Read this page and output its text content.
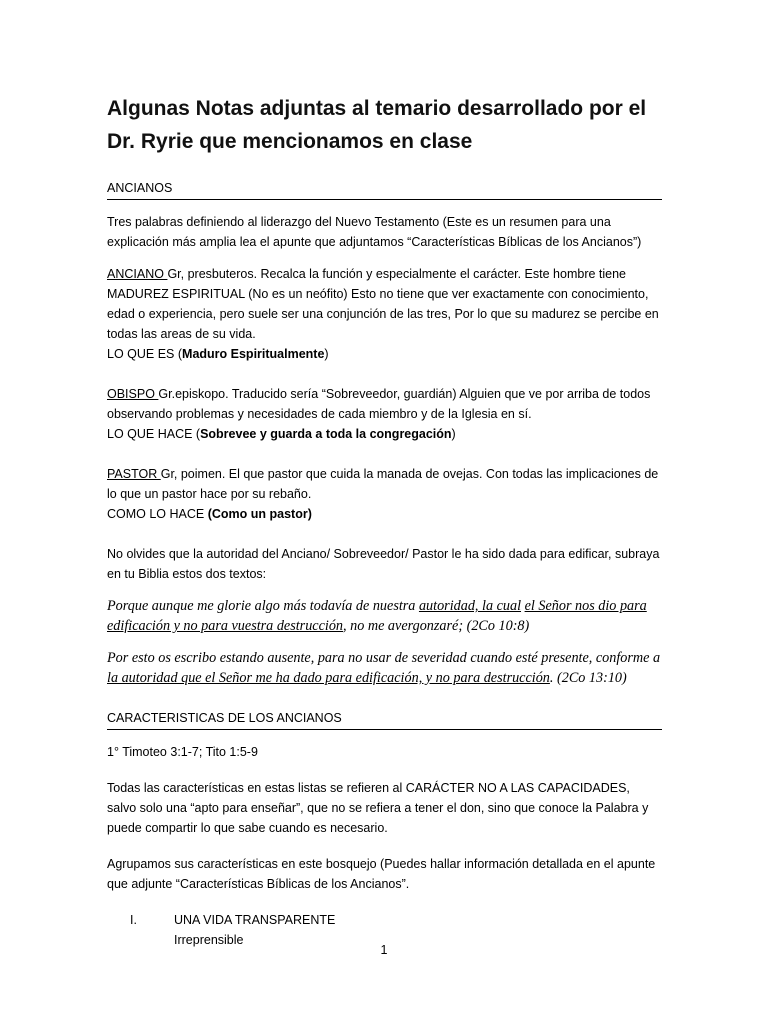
Algunas Notas adjuntas al temario desarrollado por el Dr. Ryrie que mencionamos en clase
ANCIANOS

Tres palabras definiendo al liderazgo del Nuevo Testamento (Este es un resumen para una explicación más amplia lea el apunte que adjuntamos “Características Bíblicas de los Ancianos”)

ANCIANO Gr, presbuteros. Recalca la función y especialmente el carácter. Este hombre tiene MADUREZ ESPIRITUAL (No es un neófito) Esto no tiene que ver exactamente con conocimiento, edad o experiencia, pero suele ser una conjunción de las tres, Por lo que su madurez se percibe en todas las areas de su vida.
LO QUE ES (Maduro Espiritualmente)

OBISPO Gr.episkopo. Traducido sería “Sobreveedor, guardián) Alguien que ve por arriba de todos observando problemas y necesidades de cada miembro y de la Iglesia en sí.
LO QUE HACE (Sobrevee y guarda a toda la congregación)

PASTOR Gr, poimen. El que pastor que cuida la manada de ovejas. Con todas las implicaciones de lo que un pastor hace por su rebaño.
COMO LO HACE (Como un pastor)

No olvides que la autoridad del Anciano/ Sobreveedor/ Pastor le ha sido dada para edificar, subraya en tu Biblia estos dos textos:

Porque aunque me glorie algo más todavía de nuestra autoridad, la cual el Señor nos dio para edificación y no para vuestra destrucción, no me avergonzaré; (2Co 10:8)

Por esto os escribo estando ausente, para no usar de severidad cuando esté presente, conforme a la autoridad que el Señor me ha dado para edificación, y no para destrucción. (2Co 13:10)

CARACTERISTICAS DE LOS ANCIANOS

1° Timoteo 3:1-7; Tito 1:5-9

Todas las características en estas listas se refieren al CARÁCTER NO A LAS CAPACIDADES, salvo solo una “apto para enseñar”, que no se refiera a tener el don, sino que conoce la Palabra y puede compartir lo que sabe cuando es necesario.

Agrupamos sus características en este bosquejo (Puedes hallar información detallada en el apunte que adjunte “Características Bíblicas de los Ancianos”.

I.	UNA VIDA TRANSPARENTE
Irreprensible
1
